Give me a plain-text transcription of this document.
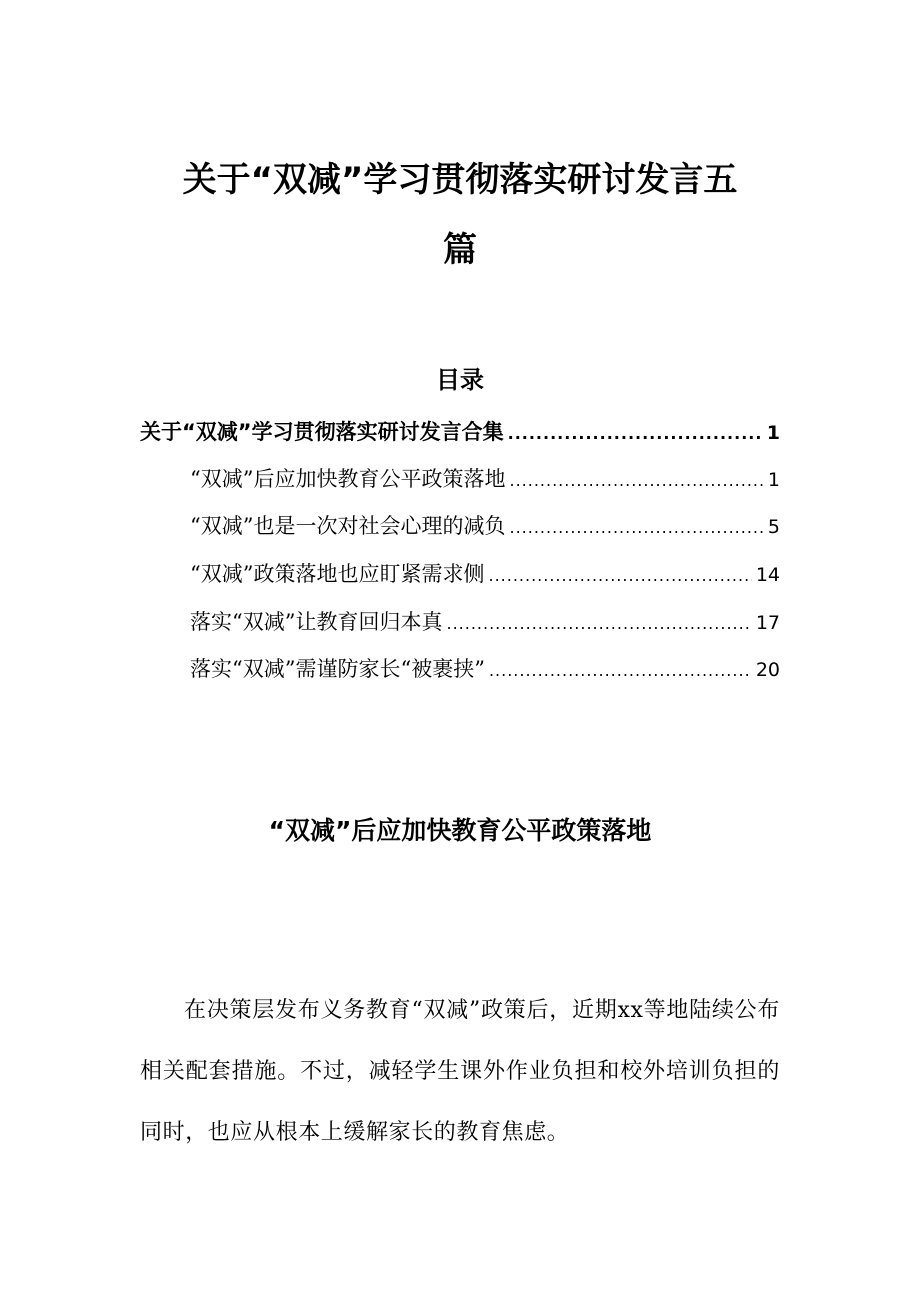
关于“双减”学习贯彻落实研讨发言五
篇
目录
关于“双减”学习贯彻落实研讨发言合集 .....	1
“双减”后应加快教育公平政策落地 .....	1
“双减”也是一次对社会心理的减负 .....	5
“双减”政策落地也应盯紧需求侧 .....	14
落实“双减”让教育回归本真 .....	17
落实“双减”需谨防家长“被裹挟” .....	20
“双减”后应加快教育公平政策落地

在决策层发布义务教育“双减”政策后，近期xx等地陆续公布相关配套措施。不过，减轻学生课外作业负担和校外培训负担的同时，也应从根本上缓解家长的教育焦虑。
